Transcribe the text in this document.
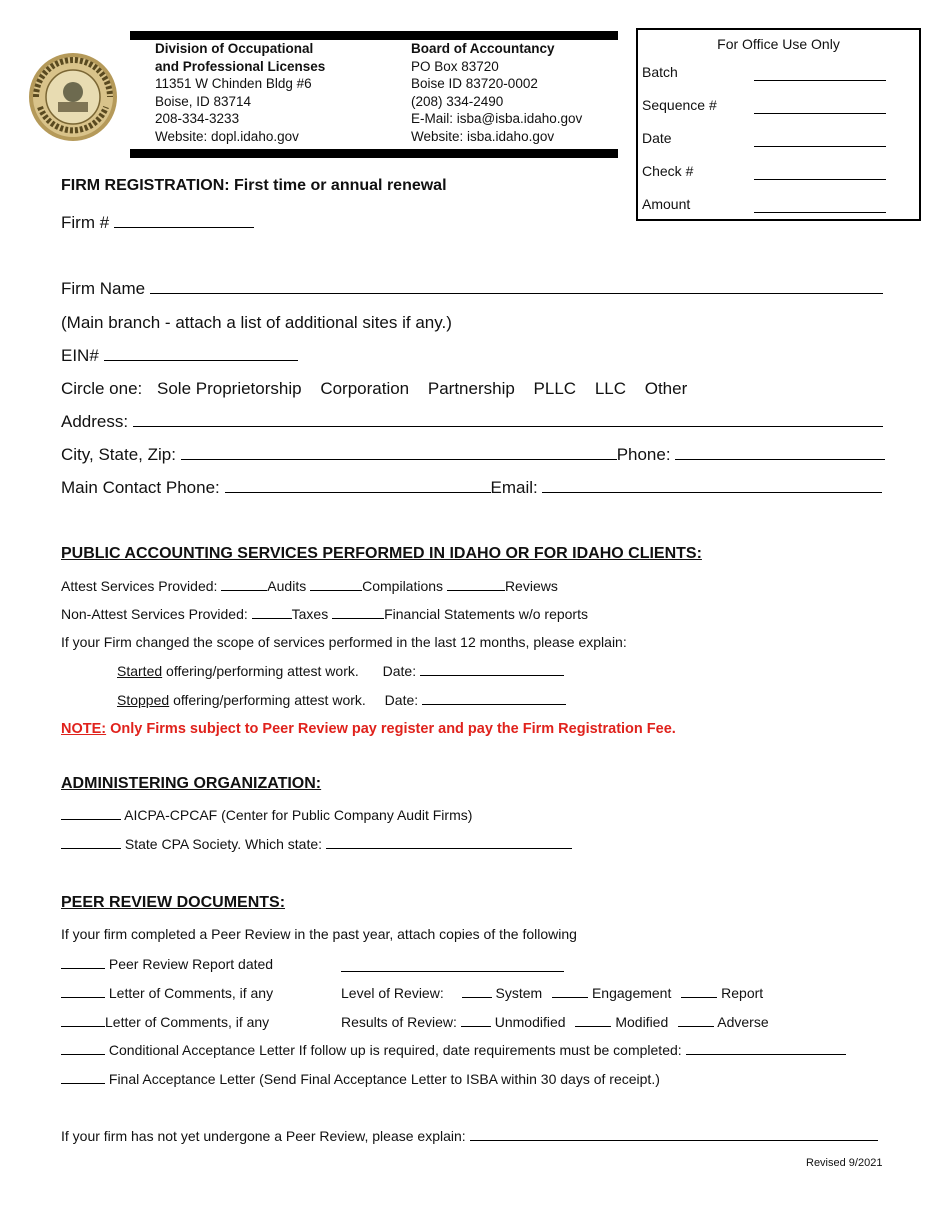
Division of Occupational
and Professional Licenses
11351 W Chinden Bldg #6
Boise, ID 83714
208-334-3233
Website: dopl.idaho.gov
Board of Accountancy
PO Box 83720
Boise ID 83720-0002
(208) 334-2490
E-Mail: isba@isba.idaho.gov
Website: isba.idaho.gov
For Office Use Only
Batch
Sequence #
Date
Check #
Amount
FIRM REGISTRATION: First time or annual renewal
Firm #
Firm Name
(Main branch - attach a list of additional sites if any.)
EIN#
Circle one: Sole Proprietorship Corporation Partnership PLLC LLC Other
Address:
City, State, Zip:	Phone:
Main Contact Phone:	Email:
PUBLIC ACCOUNTING SERVICES PERFORMED IN IDAHO OR FOR IDAHO CLIENTS:
Attest Services Provided:	Audits	Compilations	Reviews
Non-Attest Services Provided:	Taxes	Financial Statements w/o reports
If your Firm changed the scope of services performed in the last 12 months, please explain:
Started offering/performing attest work. Date:
Stopped offering/performing attest work. Date:
NOTE: Only Firms subject to Peer Review pay register and pay the Firm Registration Fee.
ADMINISTERING ORGANIZATION:
AICPA-CPCAF (Center for Public Company Audit Firms)
State CPA Society. Which state:
PEER REVIEW DOCUMENTS:
If your firm completed a Peer Review in the past year, attach copies of the following
Peer Review Report dated
Letter of Comments, if any	Level of Review:	System	Engagement	Report
Letter of Comments, if any	Results of Review:	Unmodified	Modified	Adverse
Conditional Acceptance Letter If follow up is required, date requirements must be completed:
Final Acceptance Letter (Send Final Acceptance Letter to ISBA within 30 days of receipt.)
If your firm has not yet undergone a Peer Review, please explain:
Revised 9/2021
